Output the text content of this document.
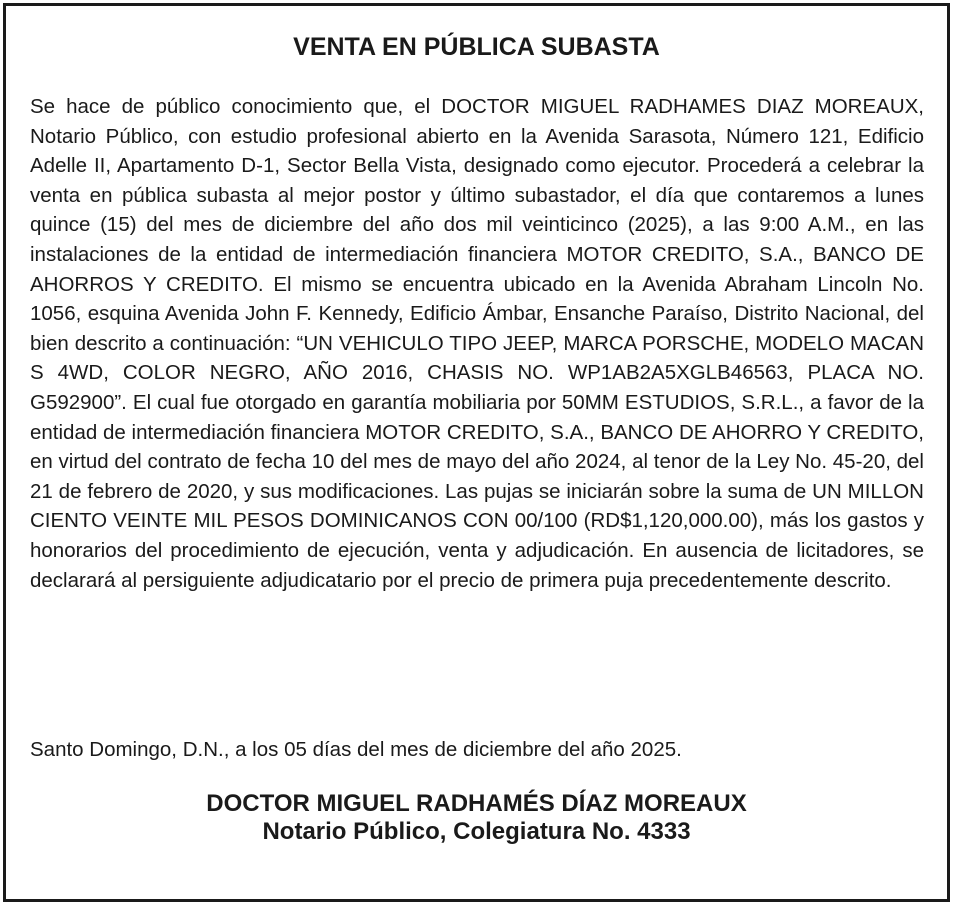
VENTA EN PÚBLICA SUBASTA

Se hace de público conocimiento que, el DOCTOR MIGUEL RADHAMES DIAZ MOREAUX, Notario Público, con estudio profesional abierto en la Avenida Sarasota, Número 121, Edificio Adelle II, Apartamento D-1, Sector Bella Vista, designado como ejecutor. Procederá a celebrar la venta en pública subasta al mejor postor y último subastador, el día que contaremos a lunes quince (15) del mes de diciembre del año dos mil veinticinco (2025), a las 9:00 A.M., en las instalaciones de la entidad de intermediación financiera MOTOR CREDITO, S.A., BANCO DE AHORROS Y CREDITO. El mismo se encuentra ubicado en la Avenida Abraham Lincoln No. 1056, esquina Avenida John F. Kennedy, Edificio Ámbar, Ensanche Paraíso, Distrito Nacional, del bien descrito a continuación: “UN VEHICULO TIPO JEEP, MARCA PORSCHE, MODELO MACAN S 4WD, COLOR NEGRO, AÑO 2016, CHASIS NO. WP1AB2A5XGLB46563, PLACA NO. G592900”. El cual fue otorgado en garantía mobiliaria por 50MM ESTUDIOS, S.R.L., a favor de la entidad de intermediación financiera MOTOR CREDITO, S.A., BANCO DE AHORRO Y CREDITO, en virtud del contrato de fecha 10 del mes de mayo del año 2024, al tenor de la Ley No. 45-20, del 21 de febrero de 2020, y sus modificaciones. Las pujas se iniciarán sobre la suma de UN MILLON CIENTO VEINTE MIL PESOS DOMINICANOS CON 00/100 (RD$1,120,000.00), más los gastos y honorarios del procedimiento de ejecución, venta y adjudicación. En ausencia de licitadores, se declarará al persiguiente adjudicatario por el precio de primera puja precedentemente descrito.

Santo Domingo, D.N., a los 05 días del mes de diciembre del año 2025.

DOCTOR MIGUEL RADHAMÉS DÍAZ MOREAUX
Notario Público, Colegiatura No. 4333
